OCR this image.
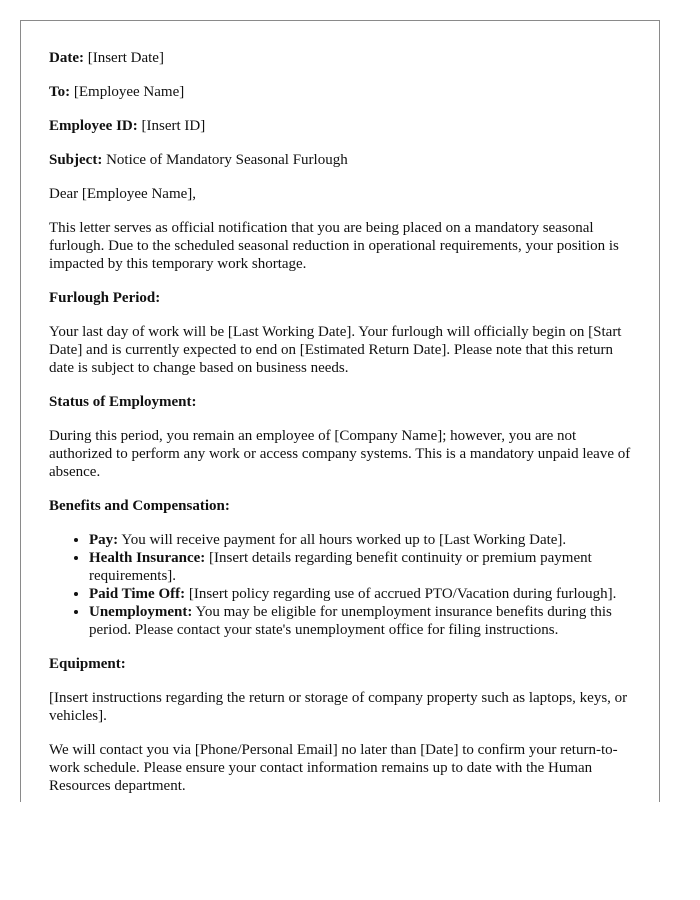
Date: [Insert Date]

To: [Employee Name]

Employee ID: [Insert ID]

Subject: Notice of Mandatory Seasonal Furlough

Dear [Employee Name],

This letter serves as official notification that you are being placed on a mandatory seasonal furlough. Due to the scheduled seasonal reduction in operational requirements, your position is impacted by this temporary work shortage.

Furlough Period:

Your last day of work will be [Last Working Date]. Your furlough will officially begin on [Start Date] and is currently expected to end on [Estimated Return Date]. Please note that this return date is subject to change based on business needs.

Status of Employment:

During this period, you remain an employee of [Company Name]; however, you are not authorized to perform any work or access company systems. This is a mandatory unpaid leave of absence.

Benefits and Compensation:

• Pay: You will receive payment for all hours worked up to [Last Working Date].
• Health Insurance: [Insert details regarding benefit continuity or premium payment requirements].
• Paid Time Off: [Insert policy regarding use of accrued PTO/Vacation during furlough].
• Unemployment: You may be eligible for unemployment insurance benefits during this period. Please contact your state's unemployment office for filing instructions.

Equipment:

[Insert instructions regarding the return or storage of company property such as laptops, keys, or vehicles].

We will contact you via [Phone/Personal Email] no later than [Date] to confirm your return-to-work schedule. Please ensure your contact information remains up to date with the Human Resources department.
